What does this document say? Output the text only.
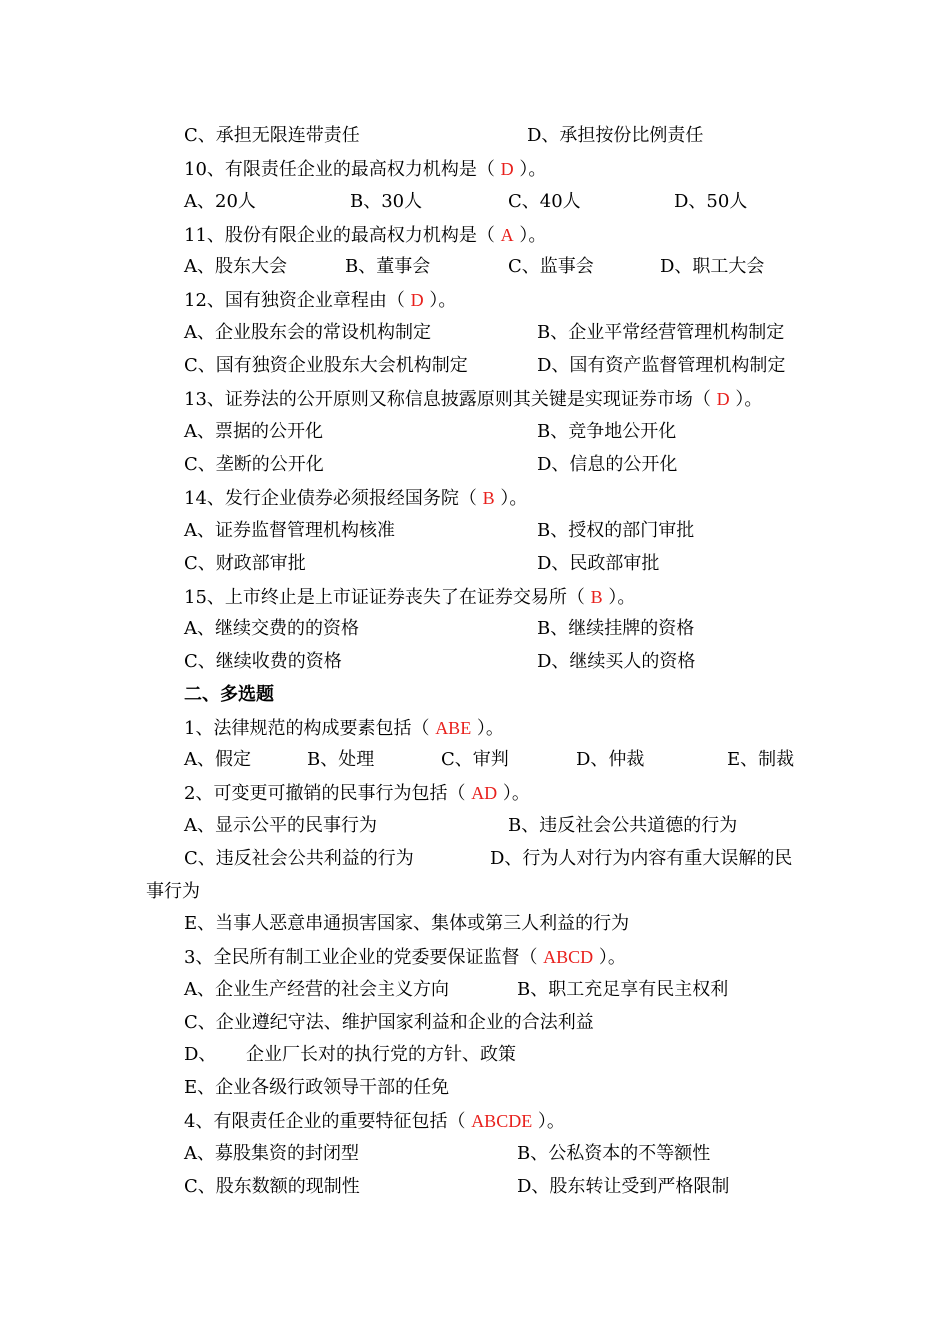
C、承担无限连带责任	D、承担按份比例责任
10、有限责任企业的最高权力机构是（ D ）。
A、20人	B、30人	C、40人	D、50人
11、股份有限企业的最高权力机构是（ A ）。
A、股东大会	B、董事会	C、监事会	D、职工大会
12、国有独资企业章程由（ D ）。
A、企业股东会的常设机构制定	B、企业平常经营管理机构制定
C、国有独资企业股东大会机构制定	D、国有资产监督管理机构制定
13、证券法的公开原则又称信息披露原则其关键是实现证券市场（ D ）。
A、票据的公开化	B、竞争地公开化
C、垄断的公开化	D、信息的公开化
14、发行企业债券必须报经国务院（ B ）。
A、证券监督管理机构核准	B、授权的部门审批
C、财政部审批	D、民政部审批
15、上市终止是上市证证券丧失了在证券交易所（ B ）。
A、继续交费的的资格	B、继续挂牌的资格
C、继续收费的资格	D、继续买人的资格
二、多选题
1、法律规范的构成要素包括（ ABE ）。
A、假定	B、处理	C、审判	D、仲裁	E、制裁
2、可变更可撤销的民事行为包括（ AD ）。
A、显示公平的民事行为	B、违反社会公共道德的行为
C、违反社会公共利益的行为	D、行为人对行为内容有重大误解的民
事行为
E、当事人恶意串通损害国家、集体或第三人利益的行为
3、全民所有制工业企业的党委要保证监督（ ABCD ）。
A、企业生产经营的社会主义方向	B、职工充足享有民主权利
C、企业遵纪守法、维护国家利益和企业的合法利益
D、 企业厂长对的执行党的方针、政策
E、企业各级行政领导干部的任免
4、有限责任企业的重要特征包括（ ABCDE ）。
A、募股集资的封闭型	B、公私资本的不等额性
C、股东数额的现制性	D、股东转让受到严格限制
